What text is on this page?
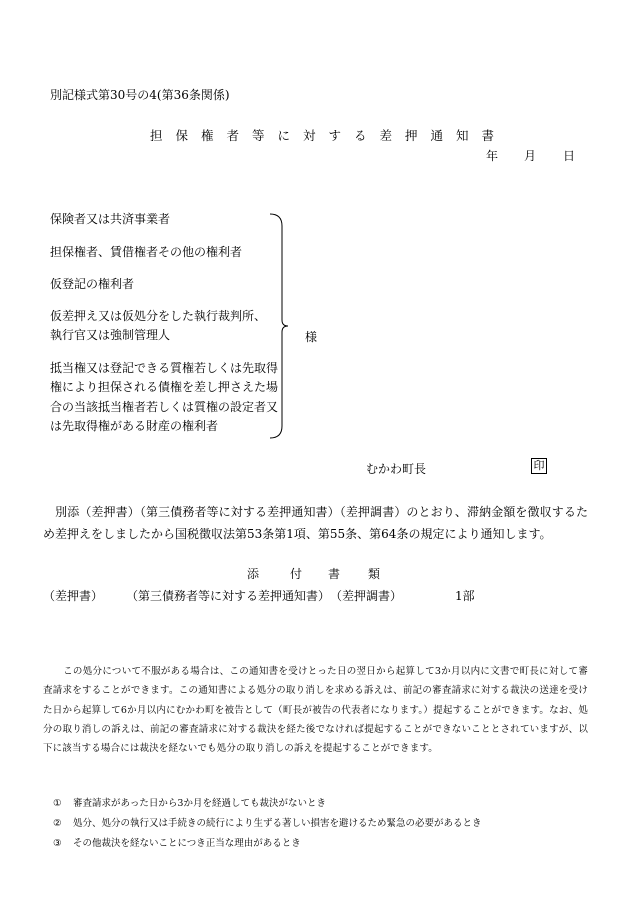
別記様式第30号の4(第36条関係)
担保権者等に対する差押通知書
年 月 日
保険者又は共済事業者
担保権者、賃借権者その他の権利者
仮登記の権利者
仮差押え又は仮処分をした執行裁判所、
執行官又は強制管理人
抵当権又は登記できる質権若しくは先取得
権により担保される債権を差し押さえた場
合の当該抵当権者若しくは質権の設定者又
は先取得権がある財産の権利者
様
むかわ町長	印
別添（差押書）（第三債務者等に対する差押通知書）（差押調書）のとおり、滞納金額を徴収するため差押えをしましたから国税徴収法第53条第1項、第55条、第64条の規定により通知します。
添	付 書 類
（差押書） （第三債務者等に対する差押通知書） （差押調書）	1部
この処分について不服がある場合は、この通知書を受けとった日の翌日から起算して3か月以内に文書で町長に対して審査請求をすることができます。この通知書による処分の取り消しを求める訴えは、前記の審査請求に対する裁決の送達を受けた日から起算して6か月以内にむかわ町を被告として（町長が被告の代表者になります。）提起することができます。なお、処分の取り消しの訴えは、前記の審査請求に対する裁決を経た後でなければ提起することができないこととされていますが、以下に該当する場合には裁決を経ないでも処分の取り消しの訴えを提起することができます。
① 審査請求があった日から3か月を経過しても裁決がないとき
② 処分、処分の執行又は手続きの続行により生ずる著しい損害を避けるため緊急の必要があるとき
③ その他裁決を経ないことにつき正当な理由があるとき
